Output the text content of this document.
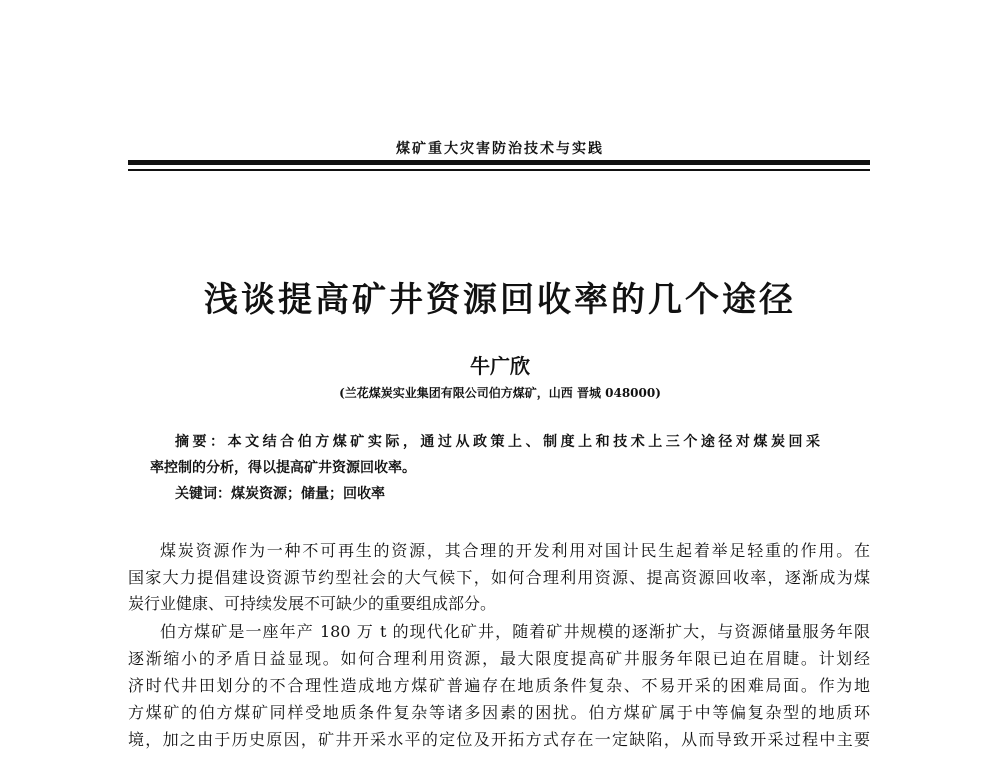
煤矿重大灾害防治技术与实践
浅谈提高矿井资源回收率的几个途径
牛广欣
(兰花煤炭实业集团有限公司伯方煤矿，山西 晋城 048000)
摘要：本文结合伯方煤矿实际，通过从政策上、制度上和技术上三个途径对煤炭回采
率控制的分析，得以提高矿井资源回收率。
关键词：煤炭资源；储量；回收率
煤炭资源作为一种不可再生的资源，其合理的开发利用对国计民生起着举足轻重的作用。在
国家大力提倡建设资源节约型社会的大气候下，如何合理利用资源、提高资源回收率，逐渐成为煤
炭行业健康、可持续发展不可缺少的重要组成部分。
伯方煤矿是一座年产 180 万 t 的现代化矿井，随着矿井规模的逐渐扩大，与资源储量服务年限
逐渐缩小的矛盾日益显现。如何合理利用资源，最大限度提高矿井服务年限已迫在眉睫。计划经
济时代井田划分的不合理性造成地方煤矿普遍存在地质条件复杂、不易开采的困难局面。作为地
方煤矿的伯方煤矿同样受地质条件复杂等诸多因素的困扰。伯方煤矿属于中等偏复杂型的地质环
境，加之由于历史原因，矿井开采水平的定位及开拓方式存在一定缺陷，从而导致开采过程中主要
